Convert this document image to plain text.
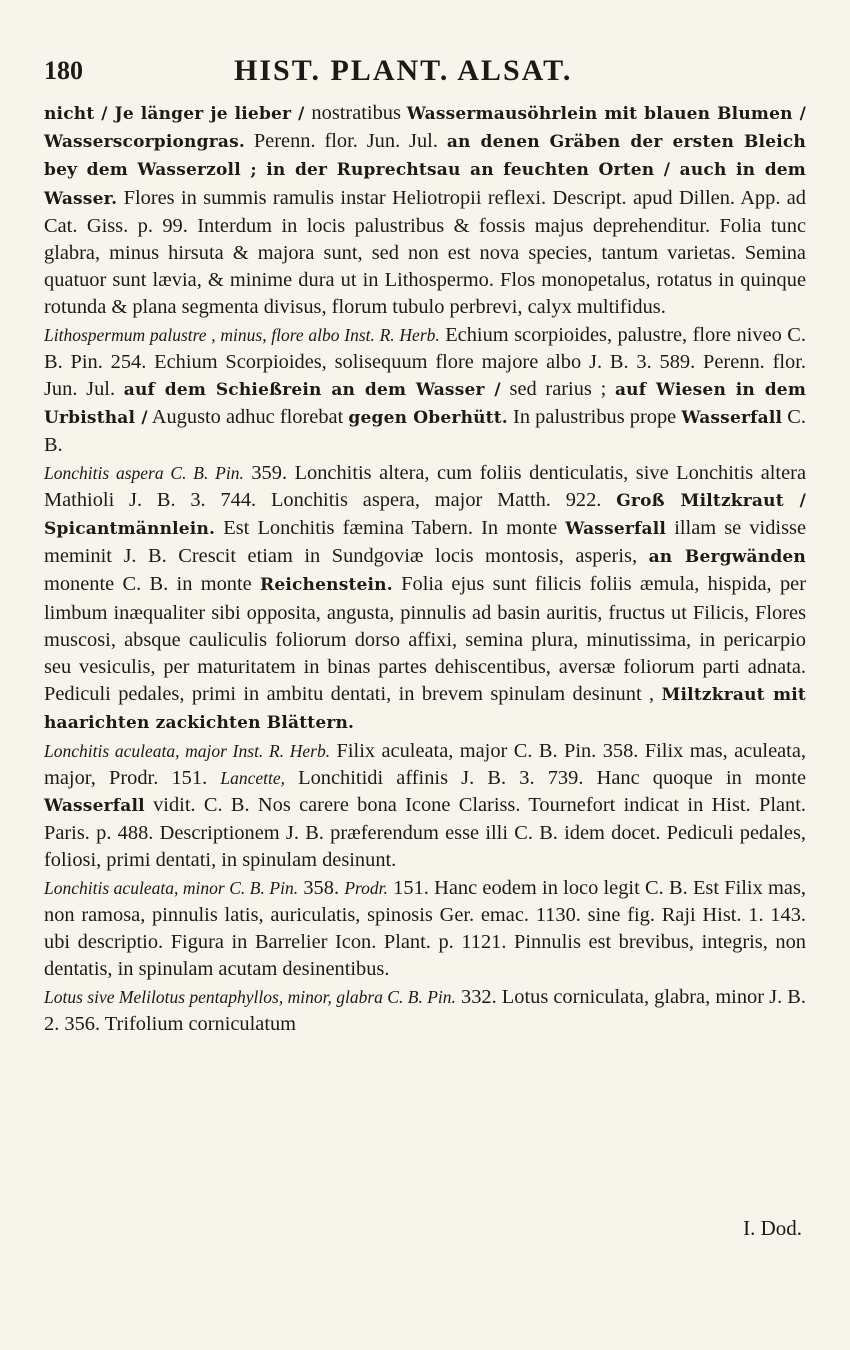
180	HIST. PLANT. ALSAT.

nicht / Je länger je lieber / nostratibus Wassermausöhrlein mit blauen Blumen / Wasserscorpiongras. Perenn. flor. Jun. Jul. an denen Gräben der ersten Bleich bey dem Wasserzoll ; in der Ruprechtsau an feuchten Orten / auch in dem Wasser. Flores in summis ramulis instar Heliotropii reflexi. Descript. apud Dillen. App. ad Cat. Giss. p. 99. Interdum in locis palustribus & fossis majus deprehenditur. Folia tunc glabra, minus hirsuta & majora sunt, sed non est nova species, tantum varietas. Semina quatuor sunt lævia, & minime dura ut in Lithospermo. Flos monopetalus, rotatus in quinque rotunda & plana segmenta divisus, florum tubulo perbrevi, calyx multifidus.

Lithospermum palustre , minus, flore albo Inst. R. Herb. Echium scorpioides, palustre, flore niveo C. B. Pin. 254. Echium Scorpioides, solisequum flore majore albo J. B. 3. 589. Perenn. flor. Jun. Jul. auf dem Schießrein an dem Wasser / sed rarius ; auf Wiesen in dem Urbisthal / Augusto adhuc florebat gegen Oberhütt. In palustribus prope Wasserfall C. B.

Lonchitis aspera C. B. Pin. 359. Lonchitis altera, cum foliis denticulatis, sive Lonchitis altera Mathioli J. B. 3. 744. Lonchitis aspera, major Matth. 922. Groß Miltzkraut / Spicantmännlein. Est Lonchitis fæmina Tabern. In monte Wasserfall illam se vidisse meminit J. B. Crescit etiam in Sundgoviæ locis montosis, asperis, an Bergwänden monente C. B. in monte Reichenstein. Folia ejus sunt filicis foliis æmula, hispida, per limbum inæqualiter sibi opposita, angusta, pinnulis ad basin auritis, fructus ut Filicis, Flores muscosi, absque cauliculis foliorum dorso affixi, semina plura, minutissima, in pericarpio seu vesiculis, per maturitatem in binas partes dehiscentibus, aversæ foliorum parti adnata. Pediculi pedales, primi in ambitu dentati, in brevem spinulam desinunt , Miltzkraut mit haarichten zackichten Blättern.

Lonchitis aculeata, major Inst. R. Herb. Filix aculeata, major C. B. Pin. 358. Filix mas, aculeata, major, Prodr. 151. Lancette, Lonchitidi affinis J. B. 3. 739. Hanc quoque in monte Wasserfall vidit. C. B. Nos carere bona Icone Clariss. Tournefort indicat in Hist. Plant. Paris. p. 488. Descriptionem J. B. præferendum esse illi C. B. idem docet. Pediculi pedales, foliosi, primi dentati, in spinulam desinunt.

Lonchitis aculeata, minor C. B. Pin. 358. Prodr. 151. Hanc eodem in loco legit C. B. Est Filix mas, non ramosa, pinnulis latis, auriculatis, spinosis Ger. emac. 1130. sine fig. Raji Hist. 1. 143. ubi descriptio. Figura in Barrelier Icon. Plant. p. 1121. Pinnulis est brevibus, integris, non dentatis, in spinulam acutam desinentibus.

Lotus sive Melilotus pentaphyllos, minor, glabra C. B. Pin. 332. Lotus corniculata, glabra, minor J. B. 2. 356. Trifolium corniculatum

I. Dod.
